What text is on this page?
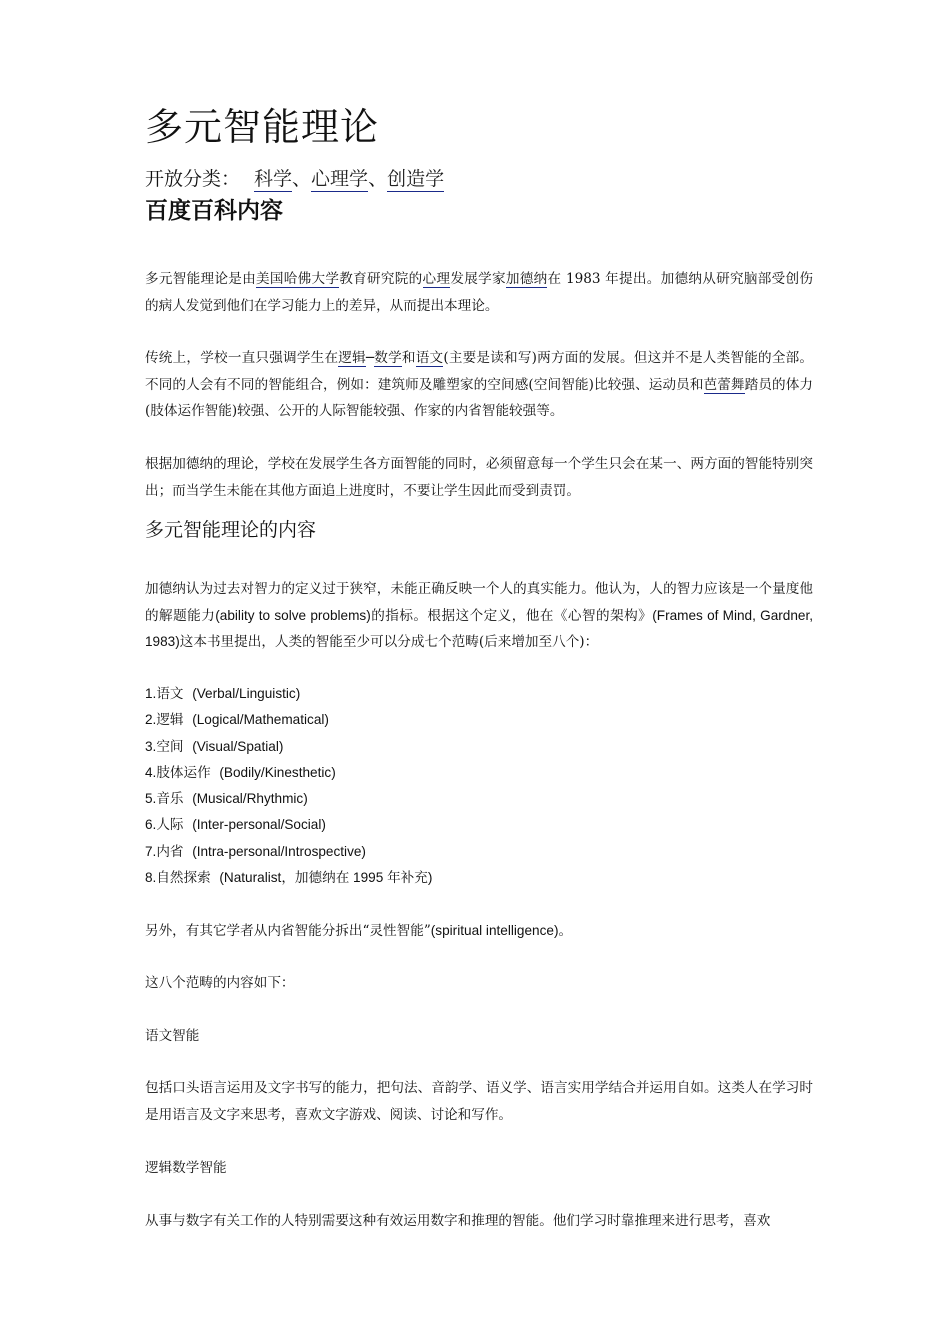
多元智能理论
开放分类： 科学、心理学、创造学
百度百科内容

多元智能理论是由美国哈佛大学教育研究院的心理发展学家加德纳在 1983 年提出。加德纳从研究脑部受创伤的病人发觉到他们在学习能力上的差异，从而提出本理论。

传统上，学校一直只强调学生在逻辑─数学和语文(主要是读和写)两方面的发展。但这并不是人类智能的全部。不同的人会有不同的智能组合，例如：建筑师及雕塑家的空间感(空间智能)比较强、运动员和芭蕾舞踏员的体力(肢体运作智能)较强、公开的人际智能较强、作家的内省智能较强等。

根据加德纳的理论，学校在发展学生各方面智能的同时，必须留意每一个学生只会在某一、两方面的智能特别突出；而当学生未能在其他方面追上进度时，不要让学生因此而受到责罚。

多元智能理论的内容

加德纳认为过去对智力的定义过于狭窄，未能正确反映一个人的真实能力。他认为，人的智力应该是一个量度他的解题能力(ability to solve problems)的指标。根据这个定义，他在《心智的架构》(Frames of Mind, Gardner, 1983)这本书里提出，人类的智能至少可以分成七个范畴(后来增加至八个)：

1.语文 (Verbal/Linguistic)
2.逻辑 (Logical/Mathematical)
3.空间 (Visual/Spatial)
4.肢体运作 (Bodily/Kinesthetic)
5.音乐 (Musical/Rhythmic)
6.人际 (Inter-personal/Social)
7.内省 (Intra-personal/Introspective)
8.自然探索 (Naturalist，加德纳在 1995 年补充)

另外，有其它学者从内省智能分拆出“灵性智能”(spiritual intelligence)。

这八个范畴的内容如下：

语文智能

包括口头语言运用及文字书写的能力，把句法、音韵学、语义学、语言实用学结合并运用自如。这类人在学习时是用语言及文字来思考，喜欢文字游戏、阅读、讨论和写作。

逻辑数学智能

从事与数字有关工作的人特别需要这种有效运用数字和推理的智能。他们学习时靠推理来进行思考，喜欢
